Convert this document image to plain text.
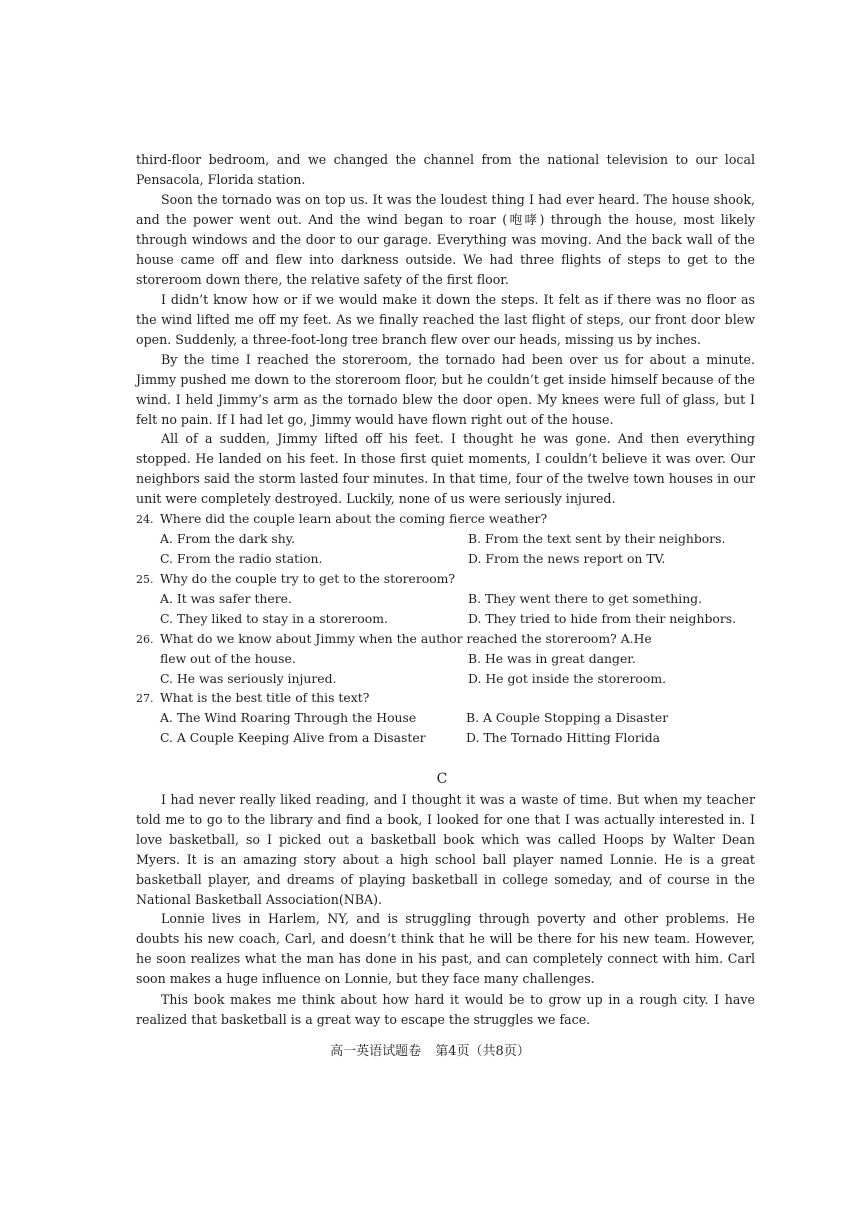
third-floor bedroom, and we changed the channel from the national television to our local Pensacola, Florida station.

Soon the tornado was on top us. It was the loudest thing I had ever heard. The house shook, and the power went out. And the wind began to roar (咆哮) through the house, most likely through windows and the door to our garage. Everything was moving. And the back wall of the house came off and flew into darkness outside. We had three flights of steps to get to the storeroom down there, the relative safety of the first floor.

I didn’t know how or if we would make it down the steps. It felt as if there was no floor as the wind lifted me off my feet. As we finally reached the last flight of steps, our front door blew open. Suddenly, a three-foot-long tree branch flew over our heads, missing us by inches.

By the time I reached the storeroom, the tornado had been over us for about a minute. Jimmy pushed me down to the storeroom floor, but he couldn’t get inside himself because of the wind. I held Jimmy’s arm as the tornado blew the door open. My knees were full of glass, but I felt no pain. If I had let go, Jimmy would have flown right out of the house.

All of a sudden, Jimmy lifted off his feet. I thought he was gone. And then everything stopped. He landed on his feet. In those first quiet moments, I couldn’t believe it was over. Our neighbors said the storm lasted four minutes. In that time, four of the twelve town houses in our unit were completely destroyed. Luckily, none of us were seriously injured.

24. Where did the couple learn about the coming fierce weather?
A. From the dark shy.	B. From the text sent by their neighbors.
C. From the radio station.	D. From the news report on TV.
25. Why do the couple try to get to the storeroom?
A. It was safer there.	B. They went there to get something.
C. They liked to stay in a storeroom.	D. They tried to hide from their neighbors.
26. What do we know about Jimmy when the author reached the storeroom? A.He
flew out of the house.	B. He was in great danger.
C. He was seriously injured.	D. He got inside the storeroom.
27. What is the best title of this text?
A. The Wind Roaring Through the House	B. A Couple Stopping a Disaster
C. A Couple Keeping Alive from a Disaster	D. The Tornado Hitting Florida
C

I had never really liked reading, and I thought it was a waste of time. But when my teacher told me to go to the library and find a book, I looked for one that I was actually interested in. I love basketball, so I picked out a basketball book which was called Hoops by Walter Dean Myers. It is an amazing story about a high school ball player named Lonnie. He is a great basketball player, and dreams of playing basketball in college someday, and of course in the National Basketball Association(NBA).

Lonnie lives in Harlem, NY, and is struggling through poverty and other problems. He doubts his new coach, Carl, and doesn’t think that he will be there for his new team. However, he soon realizes what the man has done in his past, and can completely connect with him. Carl soon makes a huge influence on Lonnie, but they face many challenges.

This book makes me think about how hard it would be to grow up in a rough city. I have realized that basketball is a great way to escape the struggles we face.

高一英语试题卷 第4页（共8页）
